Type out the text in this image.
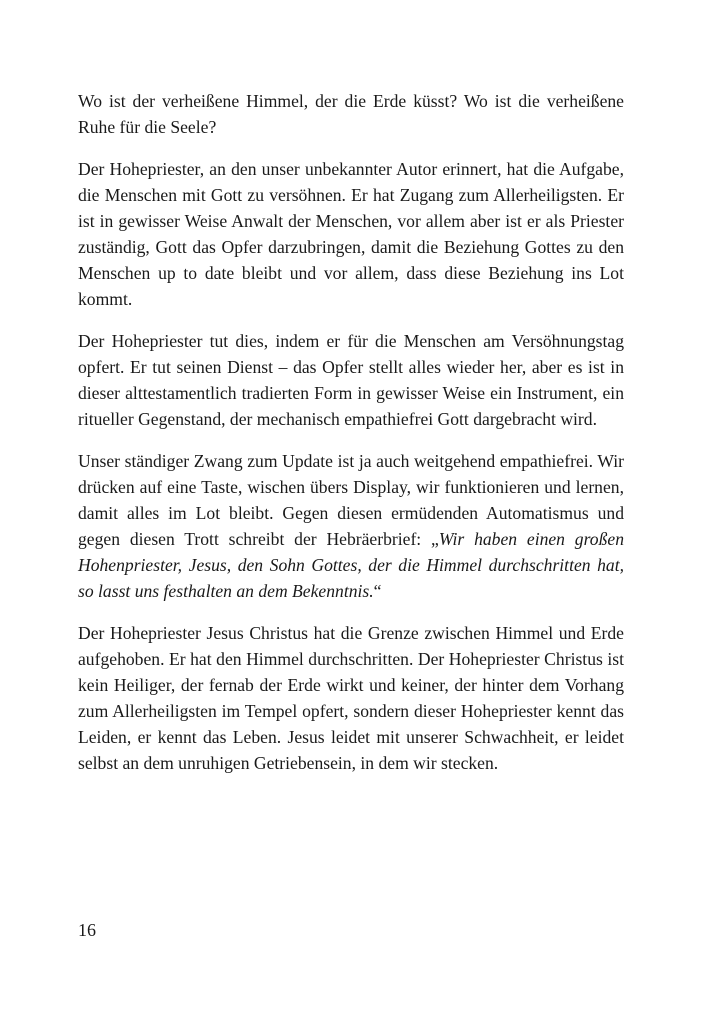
Wo ist der verheißene Himmel, der die Erde küsst? Wo ist die verheißene Ruhe für die Seele?

Der Hohepriester, an den unser unbekannter Autor erinnert, hat die Aufgabe, die Menschen mit Gott zu versöhnen. Er hat Zugang zum Allerheiligsten. Er ist in gewisser Weise Anwalt der Menschen, vor allem aber ist er als Priester zuständig, Gott das Opfer darzubringen, damit die Beziehung Gottes zu den Menschen up to date bleibt und vor allem, dass diese Beziehung ins Lot kommt.

Der Hohepriester tut dies, indem er für die Menschen am Versöhnungstag opfert. Er tut seinen Dienst – das Opfer stellt alles wieder her, aber es ist in dieser alttestamentlich tradierten Form in gewisser Weise ein Instrument, ein ritueller Gegenstand, der mechanisch empathiefrei Gott dargebracht wird.

Unser ständiger Zwang zum Update ist ja auch weitgehend empathiefrei. Wir drücken auf eine Taste, wischen übers Display, wir funktionieren und lernen, damit alles im Lot bleibt. Gegen diesen ermüdenden Automatismus und gegen diesen Trott schreibt der Hebräerbrief: „Wir haben einen großen Hohenpriester, Jesus, den Sohn Gottes, der die Himmel durchschritten hat, so lasst uns festhalten an dem Bekenntnis.“

Der Hohepriester Jesus Christus hat die Grenze zwischen Himmel und Erde aufgehoben. Er hat den Himmel durchschritten. Der Hohepriester Christus ist kein Heiliger, der fernab der Erde wirkt und keiner, der hinter dem Vorhang zum Allerheiligsten im Tempel opfert, sondern dieser Hohepriester kennt das Leiden, er kennt das Leben. Jesus leidet mit unserer Schwachheit, er leidet selbst an dem unruhigen Getriebensein, in dem wir stecken.

16
